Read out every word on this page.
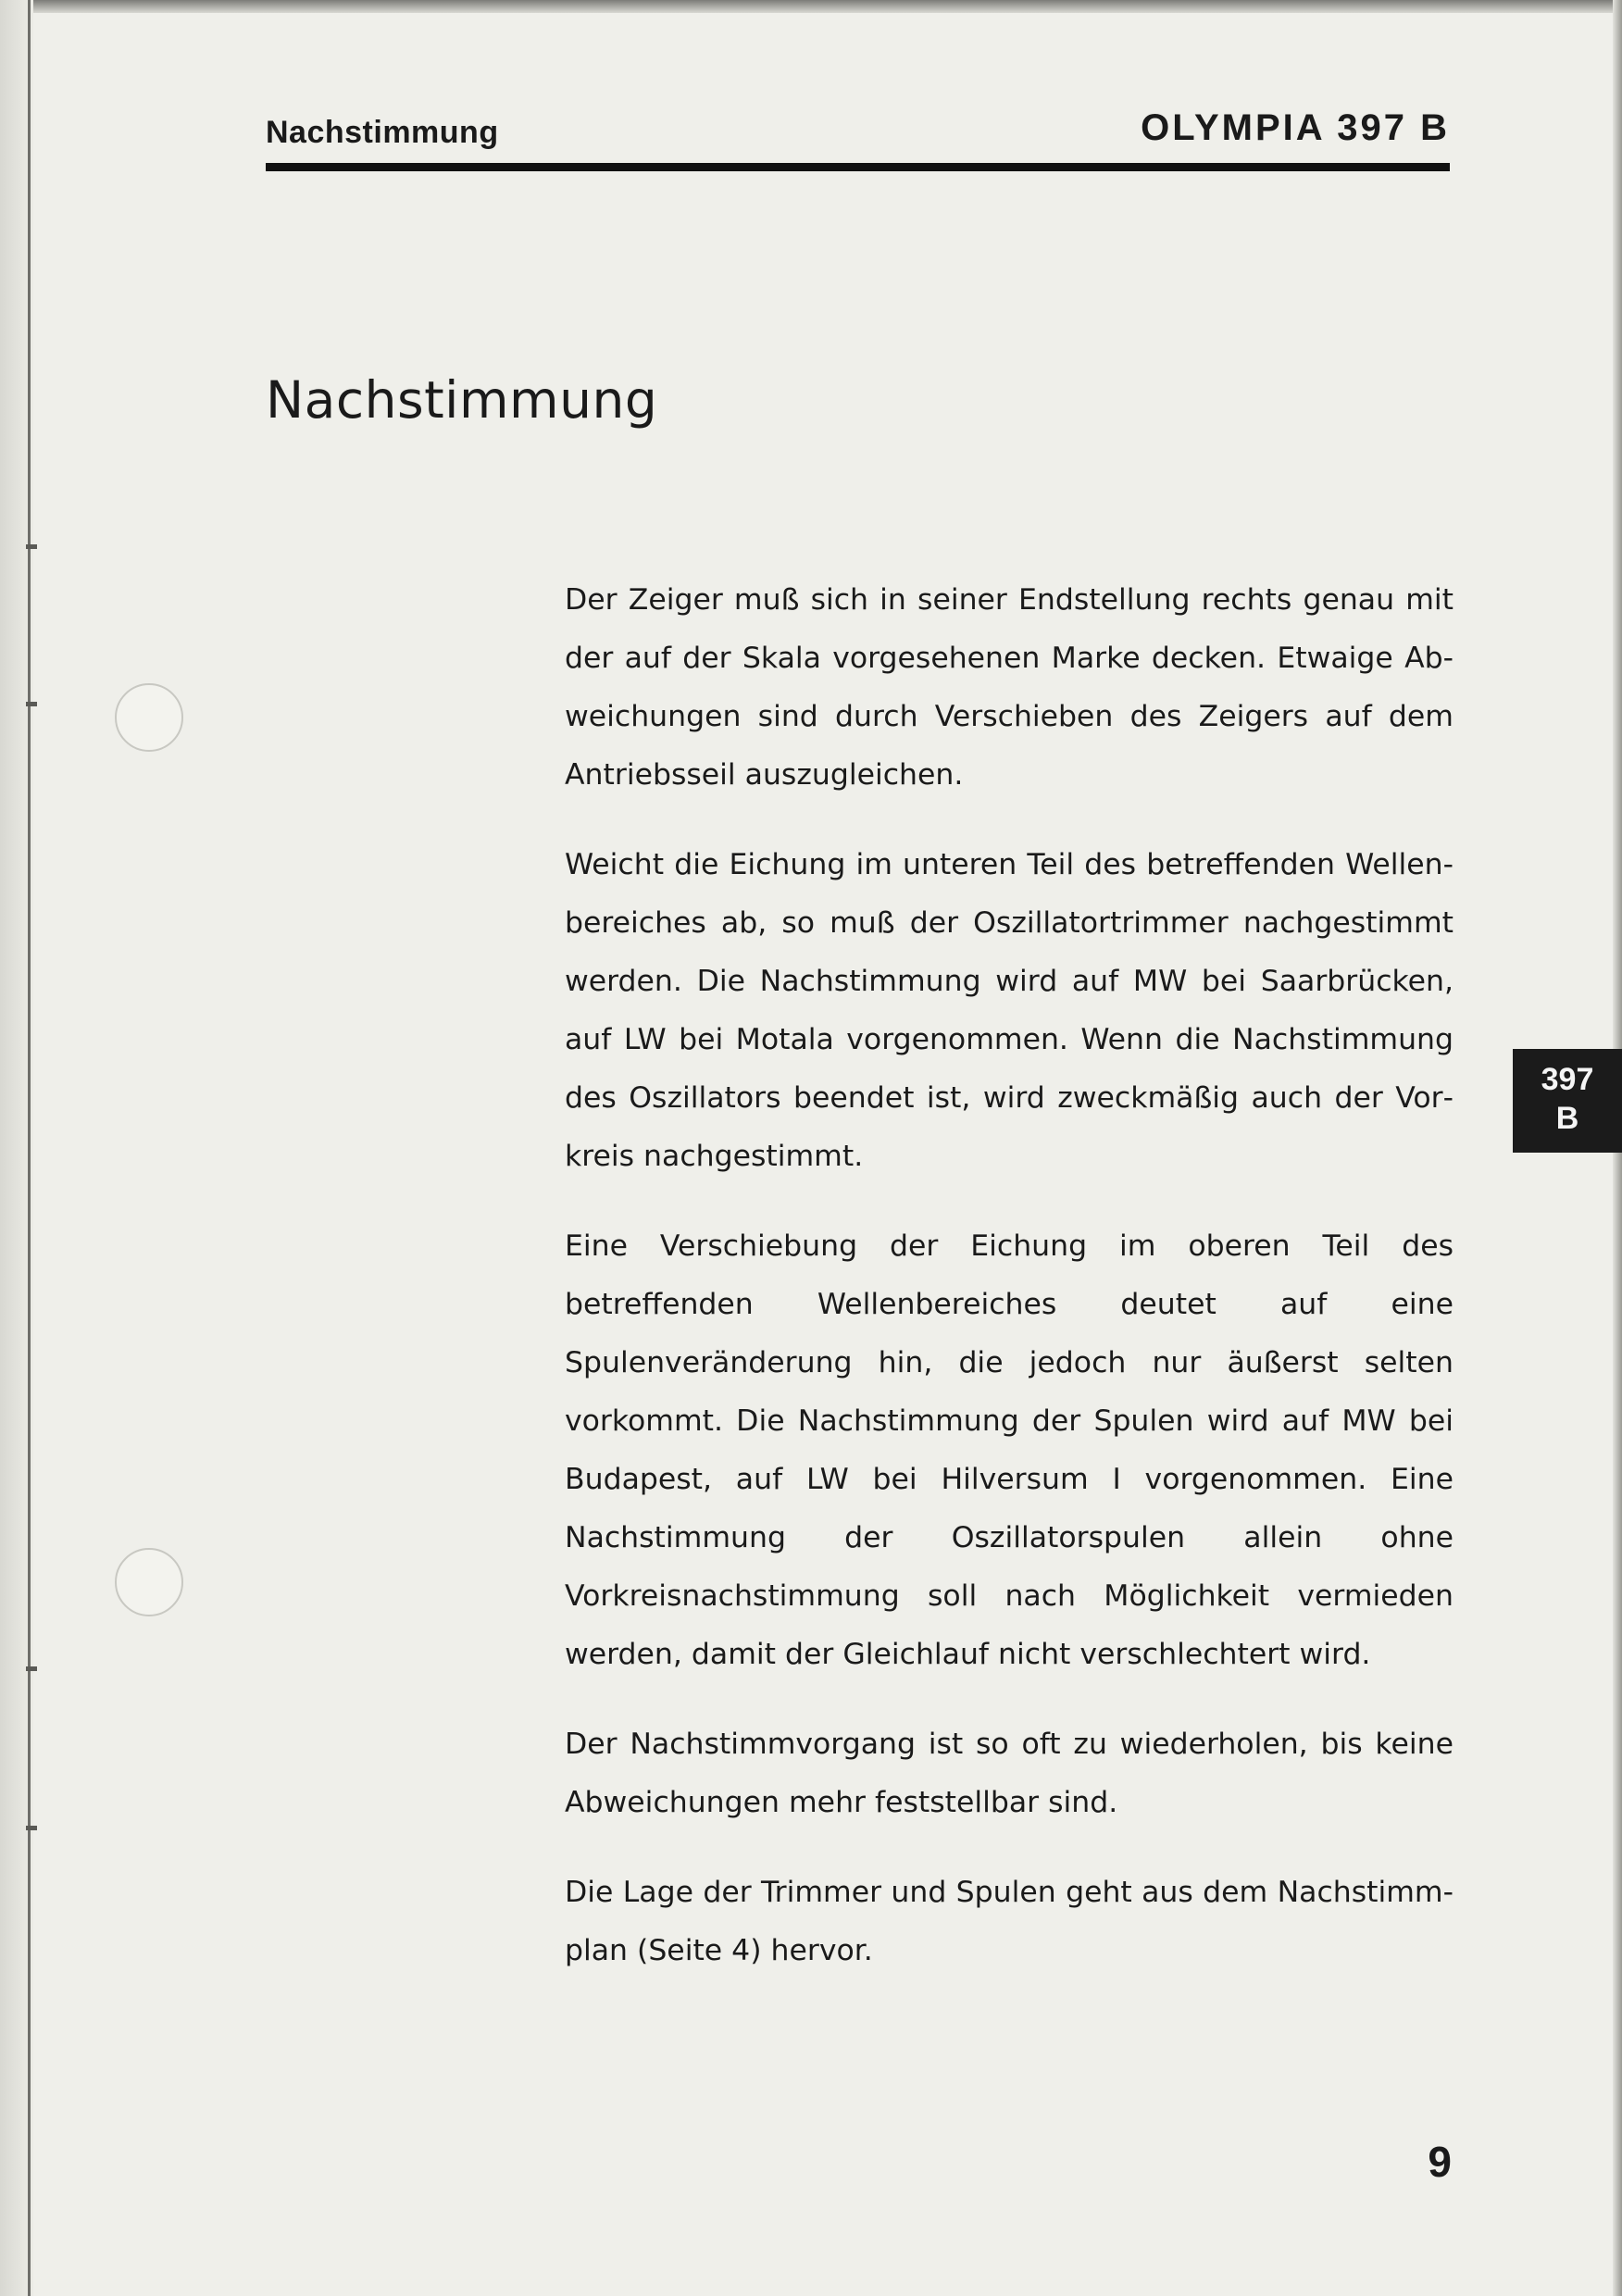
Nachstimmung	OLYMPIA 397 B
Nachstimmung

Der Zeiger muß sich in seiner Endstellung rechts genau mit der auf der Skala vorgesehenen Marke decken. Etwaige Abweichungen sind durch Verschieben des Zeigers auf dem Antriebsseil auszugleichen.

Weicht die Eichung im unteren Teil des betreffenden Wellenbereiches ab, so muß der Oszillatortrimmer nachgestimmt werden. Die Nachstimmung wird auf MW bei Saarbrücken, auf LW bei Motala vorgenommen. Wenn die Nachstimmung des Oszillators beendet ist, wird zweckmäßig auch der Vorkreis nachgestimmt.

Eine Verschiebung der Eichung im oberen Teil des betreffenden Wellenbereiches deutet auf eine Spulenveränderung hin, die jedoch nur äußerst selten vorkommt. Die Nachstimmung der Spulen wird auf MW bei Budapest, auf LW bei Hilversum I vorgenommen. Eine Nachstimmung der Oszillatorspulen allein ohne Vorkreisnachstimmung soll nach Möglichkeit vermieden werden, damit der Gleichlauf nicht verschlechtert wird.

Der Nachstimmvorgang ist so oft zu wiederholen, bis keine Abweichungen mehr feststellbar sind.

Die Lage der Trimmer und Spulen geht aus dem Nachstimmplan (Seite 4) hervor.

397
B
9
